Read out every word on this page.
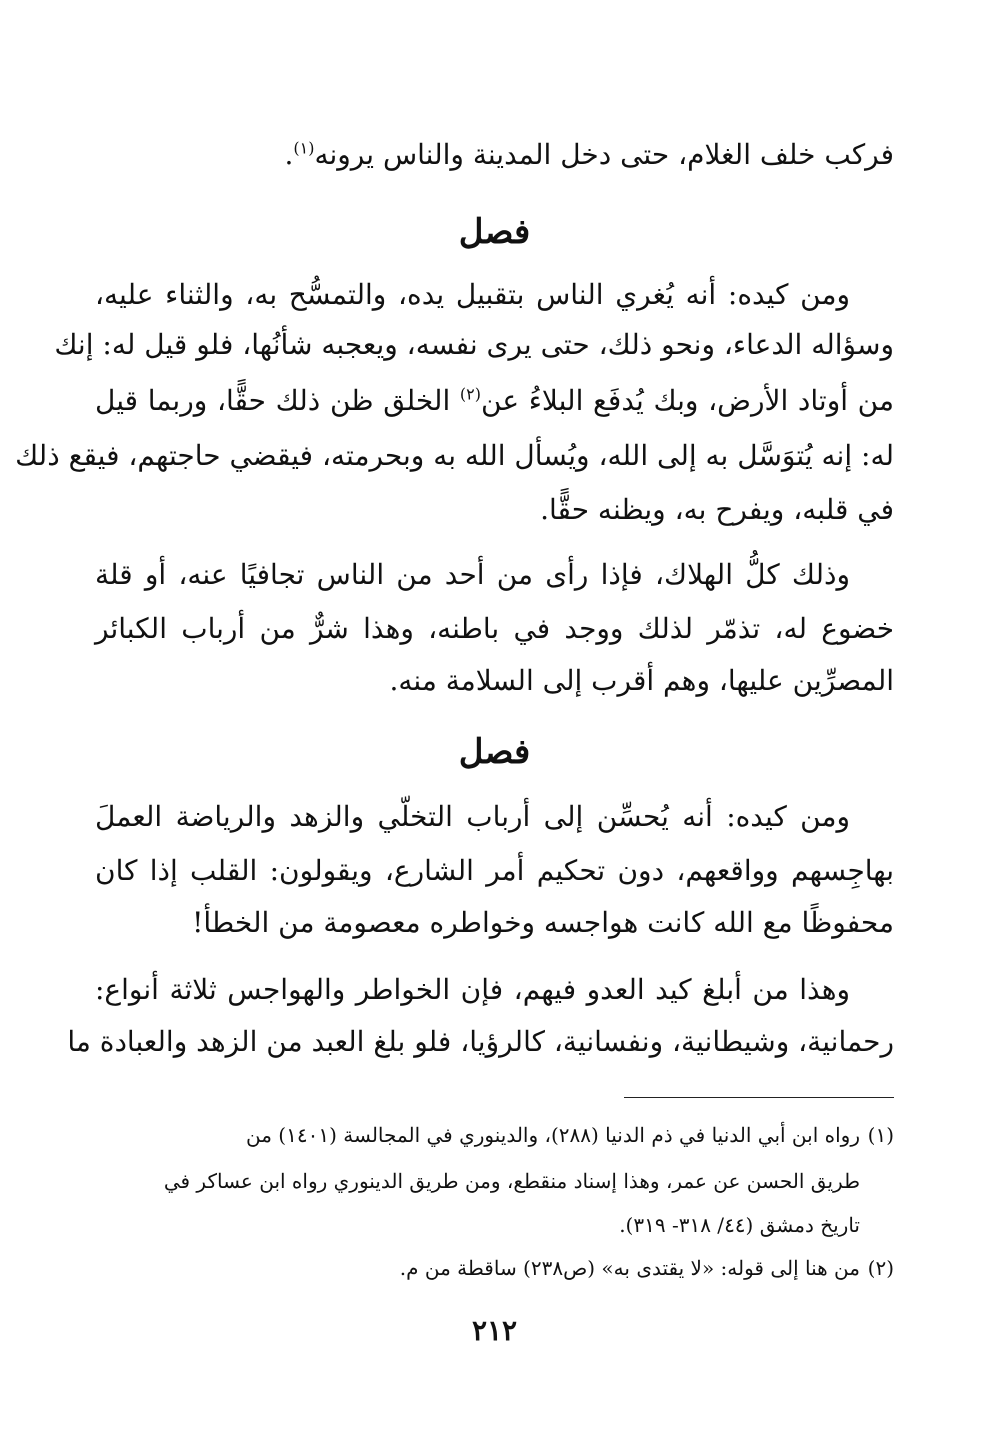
فركب خلف الغلام، حتى دخل المدينة والناس يرونه$^{(١)}$.
فصل
ومن كيده: أنه يُغري الناس بتقبيل يده، والتمسُّح به، والثناء عليه،
وسؤاله الدعاء، ونحو ذلك، حتى يرى نفسه، ويعجبه شأنُها، فلو قيل له: إنك
من أوتاد الأرض، وبك يُدفَع البلاءُ عن$^{(٢)}$ الخلق ظن ذلك حقًّا، وربما قيل
له: إنه يُتوَسَّل به إلى الله، ويُسأل الله به وبحرمته، فيقضي حاجتهم، فيقع ذلك
في قلبه، ويفرح به، ويظنه حقًّا.
وذلك كلُّ الهلاك، فإذا رأى من أحد من الناس تجافيًا عنه، أو قلة
خضوع له، تذمّر لذلك ووجد في باطنه، وهذا شرٌّ من أرباب الكبائر
المصرِّين عليها، وهم أقرب إلى السلامة منه.
فصل
ومن كيده: أنه يُحسِّن إلى أرباب التخلّي والزهد والرياضة العملَ
بهاجِسهم وواقعهم، دون تحكيم أمر الشارع، ويقولون: القلب إذا كان
محفوظًا مع الله كانت هواجسه وخواطره معصومة من الخطأ!
وهذا من أبلغ كيد العدو فيهم، فإن الخواطر والهواجس ثلاثة أنواع:
رحمانية، وشيطانية، ونفسانية، كالرؤيا، فلو بلغ العبد من الزهد والعبادة ما
(١)رواه ابن أبي الدنيا في ذم الدنيا (٢٨٨)، والدينوري في المجالسة (١٤٠١) من
طريق الحسن عن عمر، وهذا إسناد منقطع، ومن طريق الدينوري رواه ابن عساكر في
تاريخ دمشق (٤٤/ ٣١٨- ٣١٩).
(٢)من هنا إلى قوله: «لا يقتدى به» (ص٢٣٨) ساقطة من م.
٢١٢
